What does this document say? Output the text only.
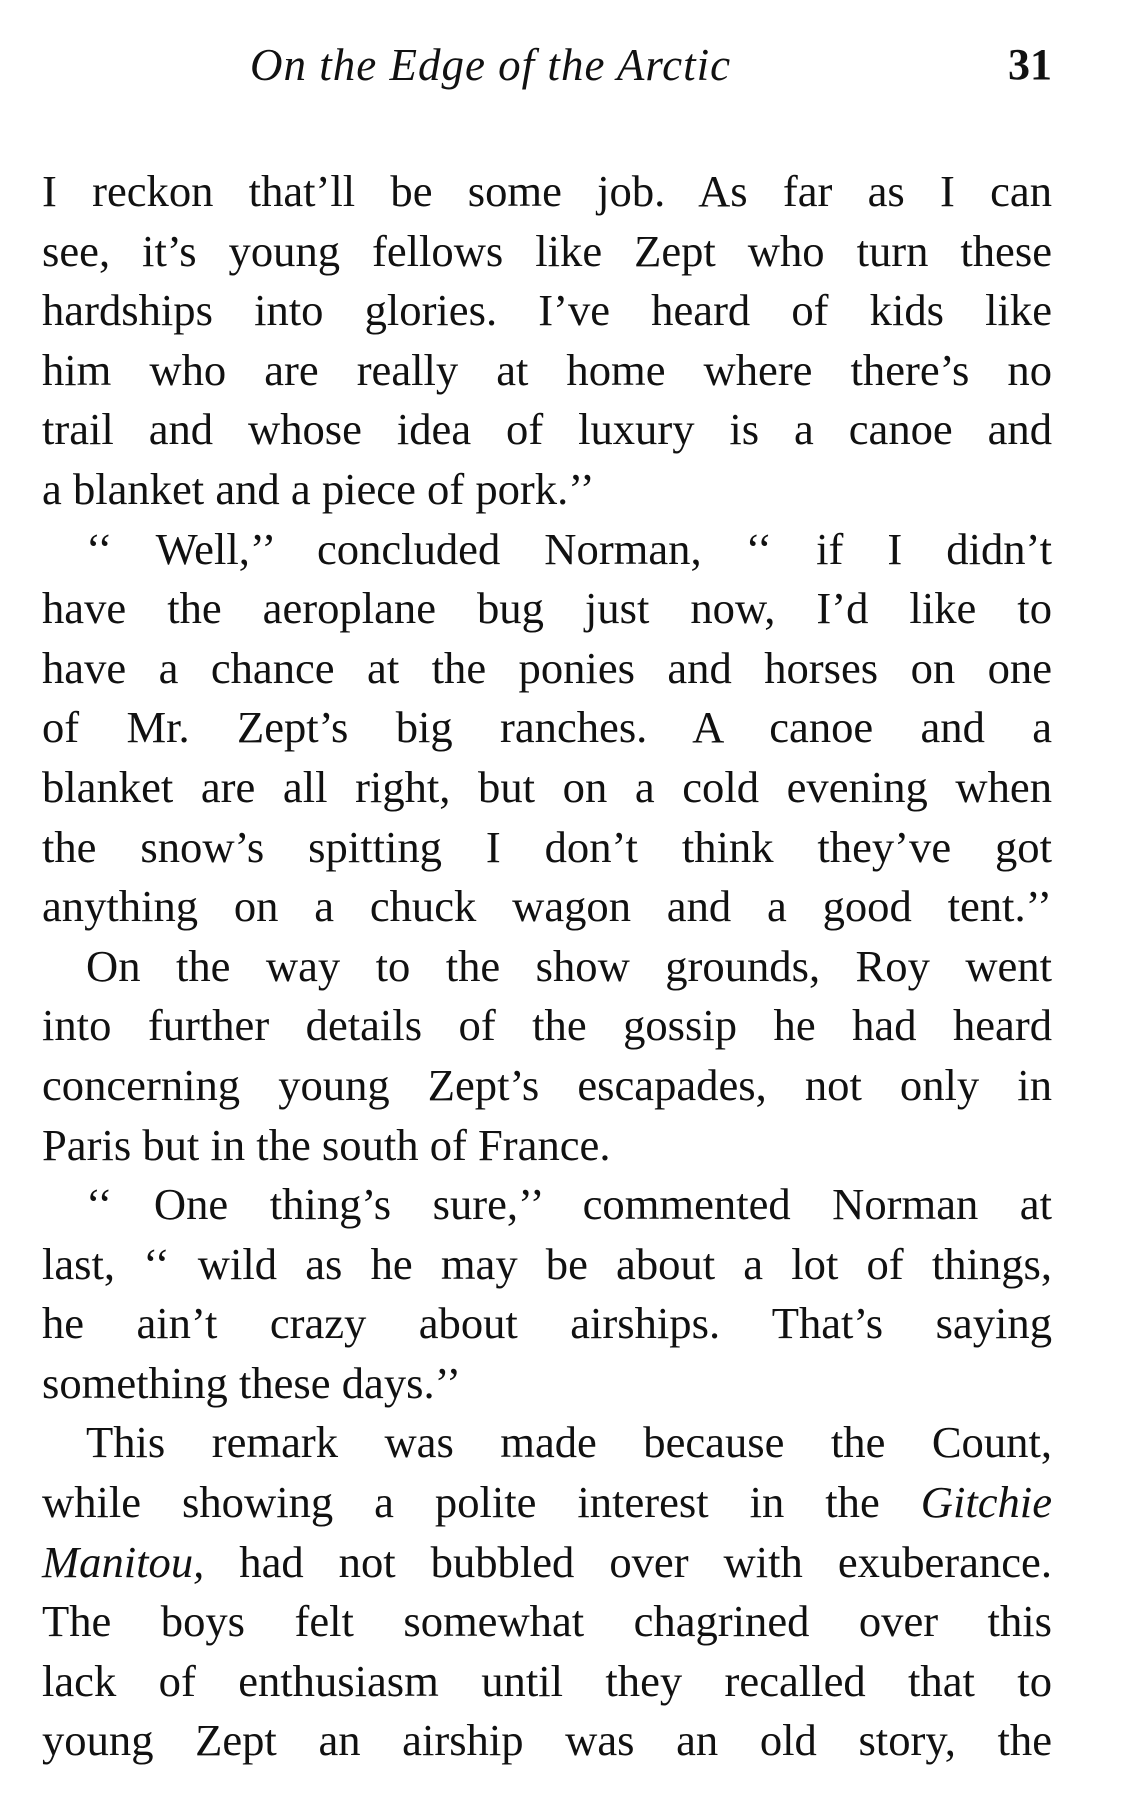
On the Edge of the Arctic	31
I reckon that’ll be some job. As far as I can
see, it’s young fellows like Zept who turn these
hardships into glories. I’ve heard of kids like
him who are really at home where there’s no
trail and whose idea of luxury is a canoe and
a blanket and a piece of pork.’’
‘‘ Well,’’ concluded Norman, ‘‘ if I didn’t
have the aeroplane bug just now, I’d like to
have a chance at the ponies and horses on one
of Mr. Zept’s big ranches. A canoe and a
blanket are all right, but on a cold evening when
the snow’s spitting I don’t think they’ve got
anything on a chuck wagon and a good tent.’’
On the way to the show grounds, Roy went
into further details of the gossip he had heard
concerning young Zept’s escapades, not only in
Paris but in the south of France.
‘‘ One thing’s sure,’’ commented Norman at
last, ‘‘ wild as he may be about a lot of things,
he ain’t crazy about airships. That’s saying
something these days.’’
This remark was made because the Count,
while showing a polite interest in the Gitchie
Manitou, had not bubbled over with exuberance.
The boys felt somewhat chagrined over this
lack of enthusiasm until they recalled that to
young Zept an airship was an old story, the
